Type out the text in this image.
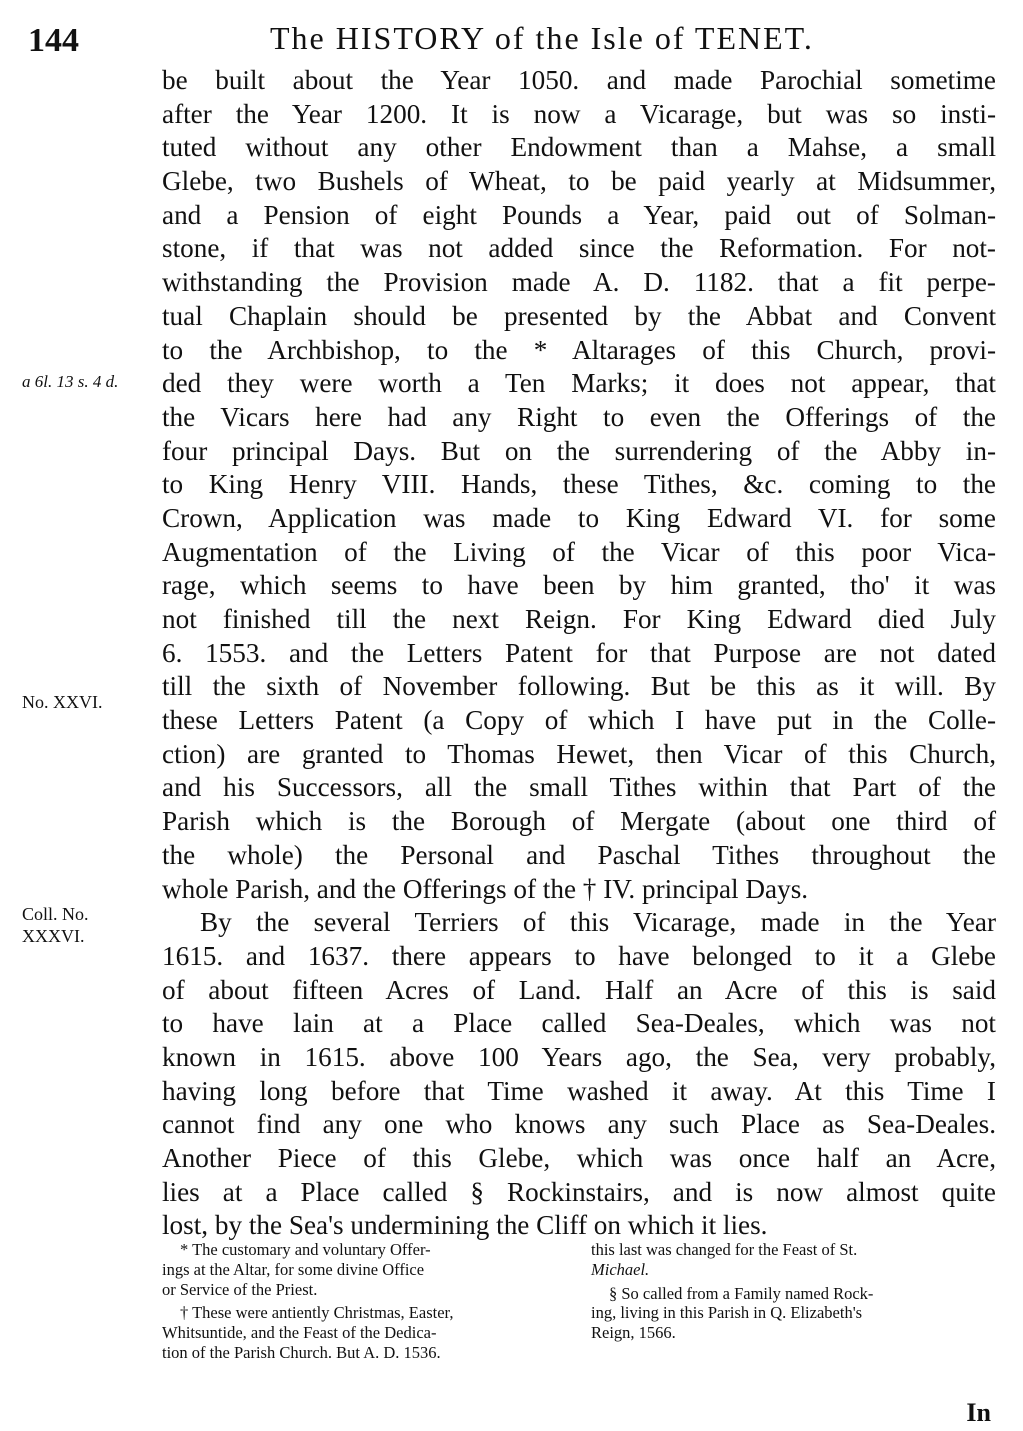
144	The HISTORY of the Isle of TENET.
be built about the Year 1050. and made Parochial sometime
after the Year 1200. It is now a Vicarage, but was so insti-
tuted without any other Endowment than a Mahse, a small
Glebe, two Bushels of Wheat, to be paid yearly at Midsummer,
and a Pension of eight Pounds a Year, paid out of Solman-
stone, if that was not added since the Reformation. For not-
withstanding the Provision made A. D. 1182. that a fit perpe-
tual Chaplain should be presented by the Abbat and Convent
to the Archbishop, to the * Altarages of this Church, provi-
ded they were worth a Ten Marks; it does not appear, that
the Vicars here had any Right to even the Offerings of the
four principal Days. But on the surrendering of the Abby in-
to King Henry VIII. Hands, these Tithes, &c. coming to the
Crown, Application was made to King Edward VI. for some
Augmentation of the Living of the Vicar of this poor Vica-
rage, which seems to have been by him granted, tho' it was
not finished till the next Reign. For King Edward died July
6. 1553. and the Letters Patent for that Purpose are not dated
till the sixth of November following. But be this as it will. By
these Letters Patent (a Copy of which I have put in the Colle-
ction) are granted to Thomas Hewet, then Vicar of this Church,
and his Successors, all the small Tithes within that Part of the
Parish which is the Borough of Mergate (about one third of
the whole) the Personal and Paschal Tithes throughout the
whole Parish, and the Offerings of the † IV. principal Days.
By the several Terriers of this Vicarage, made in the Year
1615. and 1637. there appears to have belonged to it a Glebe
of about fifteen Acres of Land. Half an Acre of this is said
to have lain at a Place called Sea-Deales, which was not
known in 1615. above 100 Years ago, the Sea, very probably,
having long before that Time washed it away. At this Time I
cannot find any one who knows any such Place as Sea-Deales.
Another Piece of this Glebe, which was once half an Acre,
lies at a Place called § Rockinstairs, and is now almost quite
lost, by the Sea's undermining the Cliff on which it lies.
a 6l. 13 s. 4 d.
No. XXVI.
Coll. No.
XXXVI.
* The customary and voluntary Offer-
ings at the Altar, for some divine Office
or Service of the Priest.
† These were antiently Christmas, Easter,
Whitsuntide, and the Feast of the Dedica-
tion of the Parish Church. But A. D. 1536.
this last was changed for the Feast of St.
Michael.
§ So called from a Family named Rock-
ing, living in this Parish in Q. Elizabeth's
Reign, 1566.
In
